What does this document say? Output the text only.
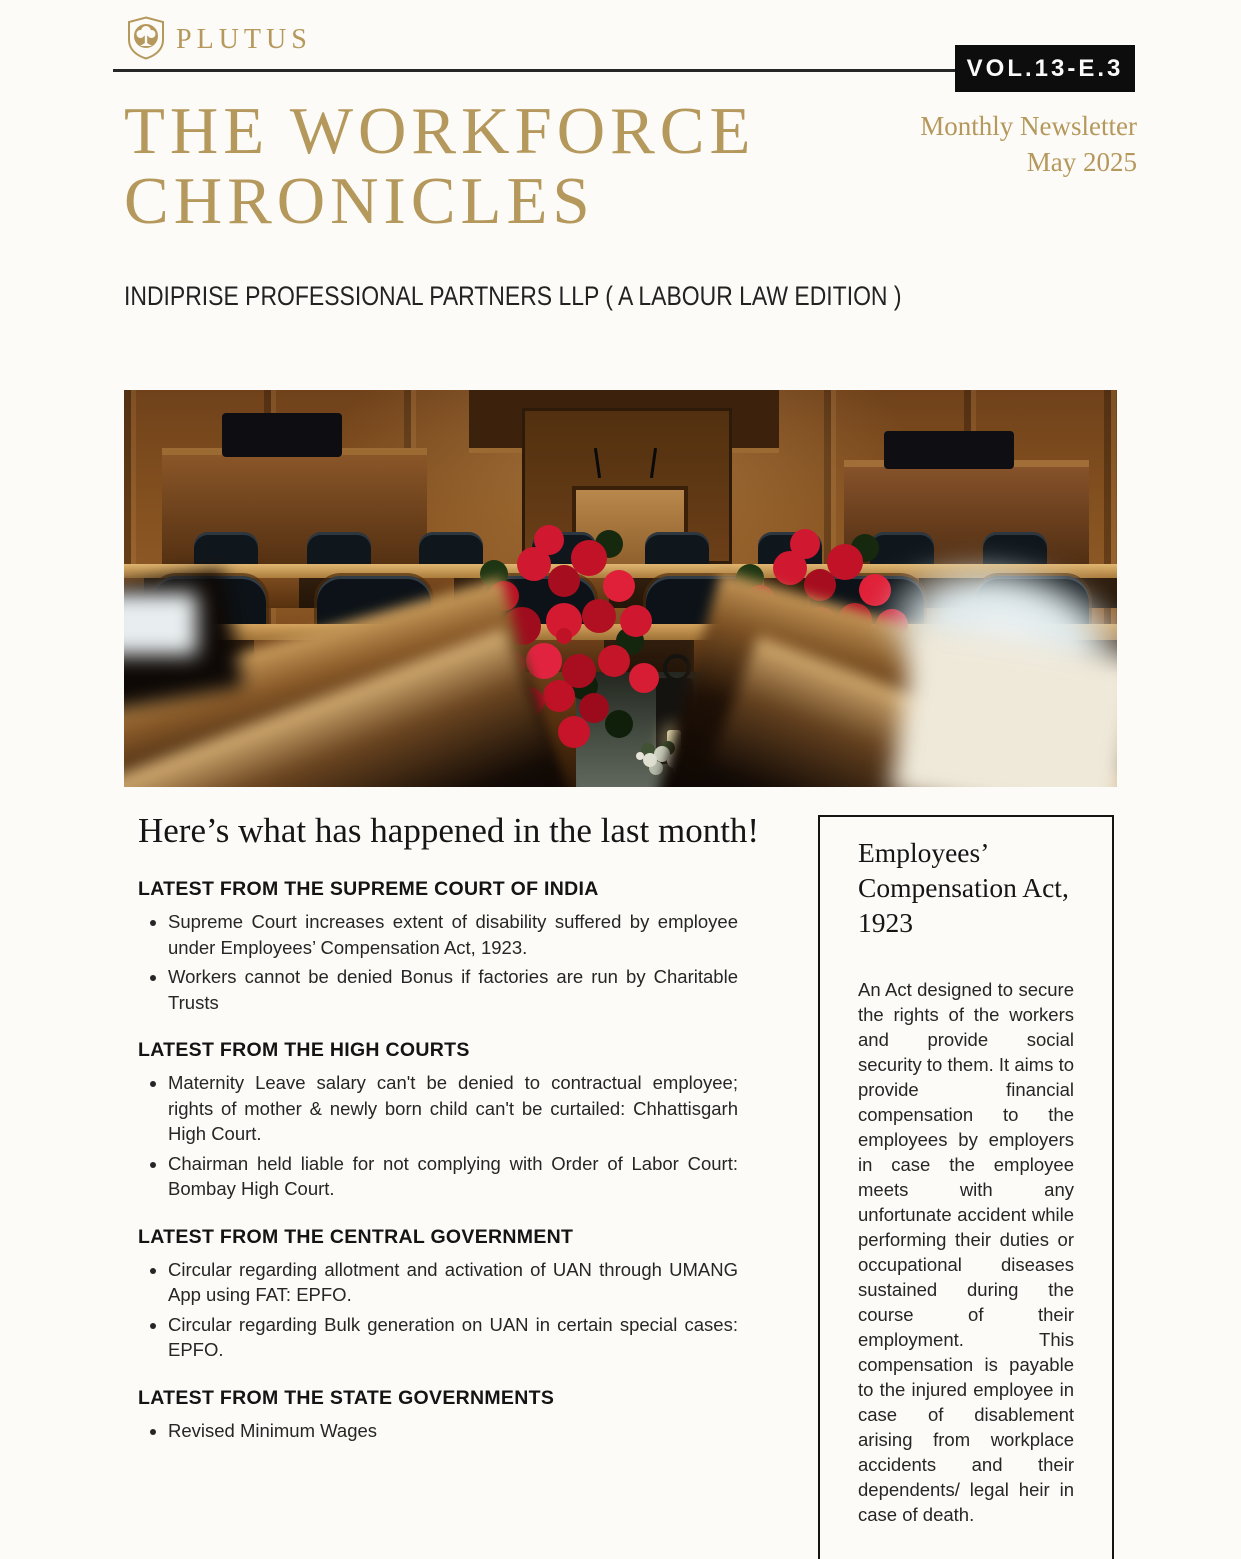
PLUTUS
VOL.13-E.3
THE WORKFORCE
CHRONICLES
Monthly Newsletter
May 2025
INDIPRISE PROFESSIONAL PARTNERS LLP ( A LABOUR LAW EDITION )
Here’s what has happened in the last month!
LATEST FROM THE SUPREME COURT OF INDIA
• Supreme Court increases extent of disability suffered by employee under Employees’ Compensation Act, 1923.
• Workers cannot be denied Bonus if factories are run by Charitable Trusts
LATEST FROM THE HIGH COURTS
• Maternity Leave salary can't be denied to contractual employee; rights of mother & newly born child can't be curtailed: Chhattisgarh High Court.
• Chairman held liable for not complying with Order of Labor Court: Bombay High Court.
LATEST FROM THE CENTRAL GOVERNMENT
• Circular regarding allotment and activation of UAN through UMANG App using FAT: EPFO.
• Circular regarding Bulk generation on UAN in certain special cases: EPFO.
LATEST FROM THE STATE GOVERNMENTS
• Revised Minimum Wages
Employees’ Compensation Act, 1923

An Act designed to secure the rights of the workers and provide social security to them. It aims to provide financial compensation to the employees by employers in case the employee meets with any unfortunate accident while performing their duties or occupational diseases sustained during the course of their employment. This compensation is payable to the injured employee in case of disablement arising from workplace accidents and their dependents/ legal heir in case of death.
